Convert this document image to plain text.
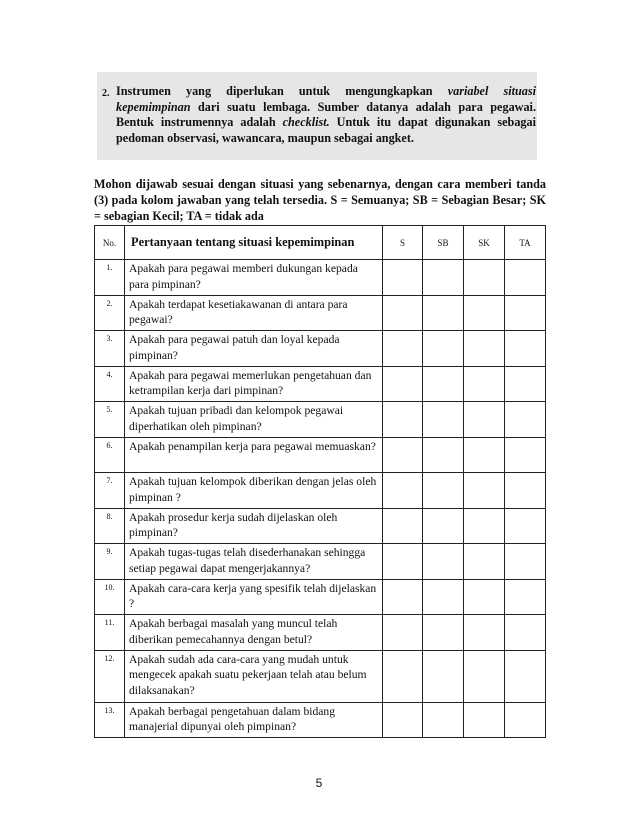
2. Instrumen yang diperlukan untuk mengungkapkan variabel situasi kepemimpinan dari suatu lembaga. Sumber datanya adalah para pegawai. Bentuk instrumennya adalah checklist. Untuk itu dapat digunakan sebagai pedoman observasi, wawancara, maupun sebagai angket.
Mohon dijawab sesuai dengan situasi yang sebenarnya, dengan cara memberi tanda (3) pada kolom jawaban yang telah tersedia. S = Semuanya; SB = Sebagian Besar; SK = sebagian Kecil; TA = tidak ada
No.	Pertanyaan tentang situasi kepemimpinan	S	SB	SK	TA
1.	Apakah para pegawai memberi dukungan kepada para pimpinan?				
2.	Apakah terdapat kesetiakawanan di antara para pegawai?				
3.	Apakah para pegawai patuh dan loyal kepada pimpinan?				
4.	Apakah para pegawai memerlukan pengetahuan dan ketrampilan kerja dari pimpinan?				
5.	Apakah tujuan pribadi dan kelompok pegawai diperhatikan oleh pimpinan?				
6.	Apakah penampilan kerja para pegawai memuaskan?				
7.	Apakah tujuan kelompok diberikan dengan jelas oleh pimpinan ?				
8.	Apakah prosedur kerja sudah dijelaskan oleh pimpinan?				
9.	Apakah tugas-tugas telah disederhanakan sehingga setiap pegawai dapat mengerjakannya?				
10.	Apakah cara-cara kerja yang spesifik telah dijelaskan ?				
11.	Apakah berbagai masalah yang muncul telah diberikan pemecahannya dengan betul?				
12.	Apakah sudah ada cara-cara yang mudah untuk mengecek apakah suatu pekerjaan telah atau belum dilaksanakan?				
13.	Apakah berbagai pengetahuan dalam bidang manajerial dipunyai oleh pimpinan?				
5
